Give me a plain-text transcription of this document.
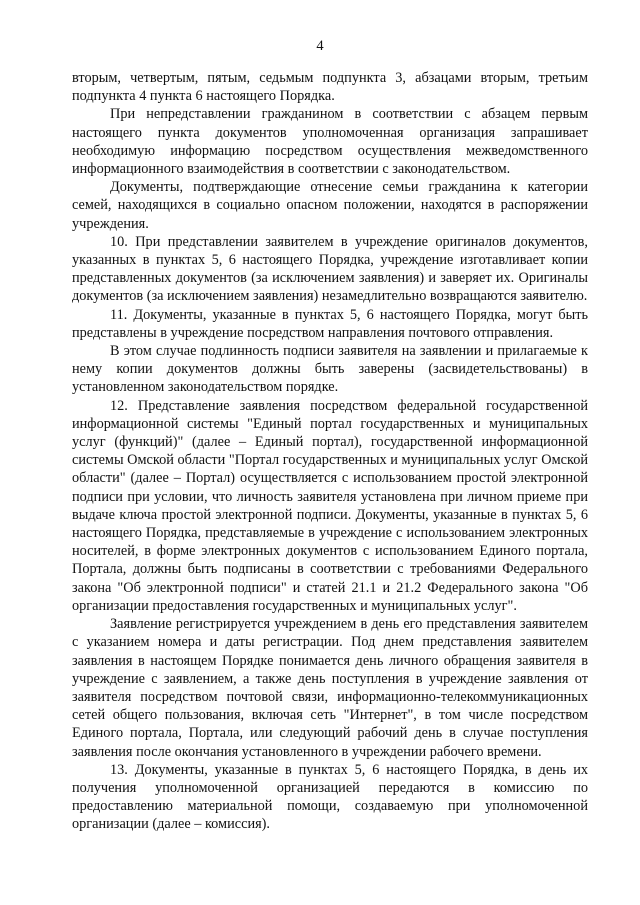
4

вторым, четвертым, пятым, седьмым подпункта 3, абзацами вторым, третьим подпункта 4 пункта 6 настоящего Порядка.

При непредставлении гражданином в соответствии с абзацем первым настоящего пункта документов уполномоченная организация запрашивает необходимую информацию посредством осуществления межведомственного информационного взаимодействия в соответствии с законодательством.

Документы, подтверждающие отнесение семьи гражданина к категории семей, находящихся в социально опасном положении, находятся в распоряжении учреждения.

10. При представлении заявителем в учреждение оригиналов документов, указанных в пунктах 5, 6 настоящего Порядка, учреждение изготавливает копии представленных документов (за исключением заявления) и заверяет их. Оригиналы документов (за исключением заявления) незамедлительно возвращаются заявителю.

11. Документы, указанные в пунктах 5, 6 настоящего Порядка, могут быть представлены в учреждение посредством направления почтового отправления.

В этом случае подлинность подписи заявителя на заявлении и прилагаемые к нему копии документов должны быть заверены (засвидетельствованы) в установленном законодательством порядке.

12. Представление заявления посредством федеральной государственной информационной системы "Единый портал государственных и муниципальных услуг (функций)" (далее – Единый портал), государственной информационной системы Омской области "Портал государственных и муниципальных услуг Омской области" (далее – Портал) осуществляется с использованием простой электронной подписи при условии, что личность заявителя установлена при личном приеме при выдаче ключа простой электронной подписи. Документы, указанные в пунктах 5, 6 настоящего Порядка, представляемые в учреждение с использованием электронных носителей, в форме электронных документов с использованием Единого портала, Портала, должны быть подписаны в соответствии с требованиями Федерального закона "Об электронной подписи" и статей 21.1 и 21.2 Федерального закона "Об организации предоставления государственных и муниципальных услуг".

Заявление регистрируется учреждением в день его представления заявителем с указанием номера и даты регистрации. Под днем представления заявителем заявления в настоящем Порядке понимается день личного обращения заявителя в учреждение с заявлением, а также день поступления в учреждение заявления от заявителя посредством почтовой связи, информационно-телекоммуникационных сетей общего пользования, включая сеть "Интернет", в том числе посредством Единого портала, Портала, или следующий рабочий день в случае поступления заявления после окончания установленного в учреждении рабочего времени.

13. Документы, указанные в пунктах 5, 6 настоящего Порядка, в день их получения уполномоченной организацией передаются в комиссию по предоставлению материальной помощи, создаваемую при уполномоченной организации (далее – комиссия).
